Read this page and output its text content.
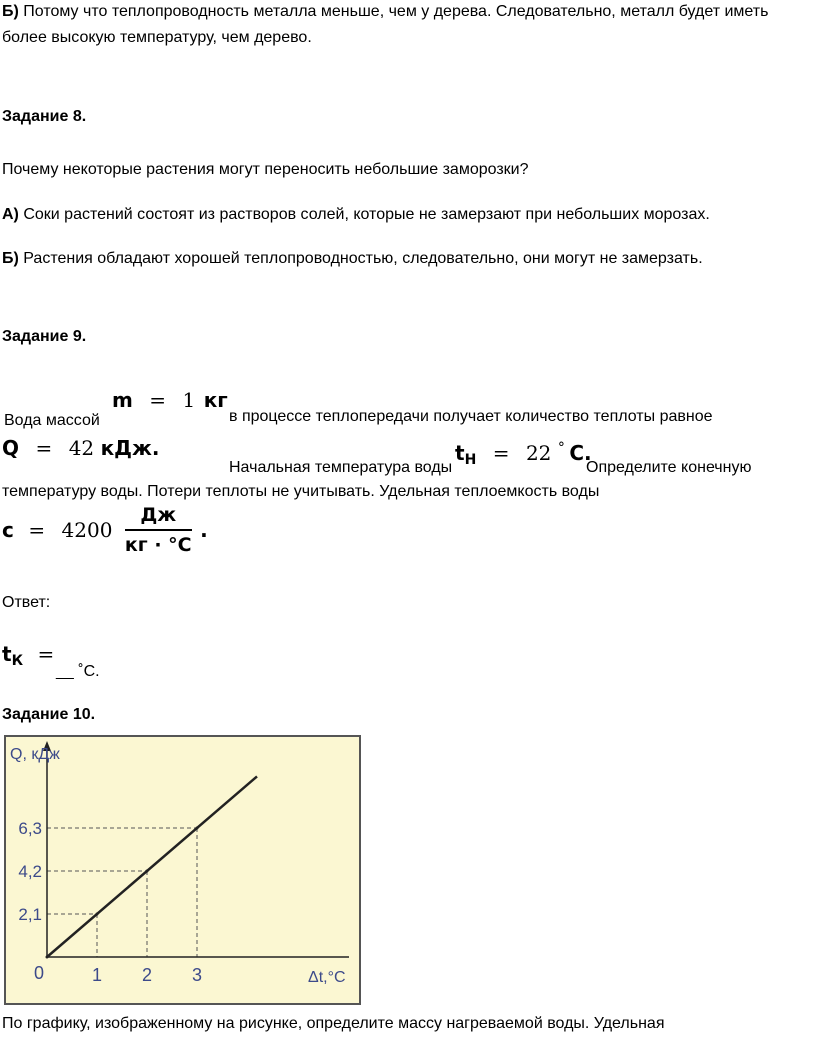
Б) Потому что теплопроводность металла меньше, чем у дерева. Следовательно, металл будет иметь
более высокую температуру, чем дерево.
Задание 8.
Почему некоторые растения могут переносить небольшие заморозки?
А) Соки растений состоят из растворов солей, которые не замерзают при небольших морозах.
Б) Растения обладают хорошей теплопроводностью, следовательно, они могут не замерзать.
Задание 9.
Вода массой
m = 1 кг
в процессе теплопередачи получает количество теплоты равное
Q = 42 кДж.
Начальная температура воды
tН = 22 ° С.
Определите конечную
температуру воды. Потери теплоты не учитывать. Удельная теплоемкость воды
$c = 4200 \frac{Дж}{кг \cdot ^\circ С}$ .
Ответ:
tК =
__ ˚С.
Задание 10.
1 2 3
2,1
4,2
6,3
Q, кДж
Δt,°C
0
По графику, изображенному на рисунке, определите массу нагреваемой воды. Удельная
